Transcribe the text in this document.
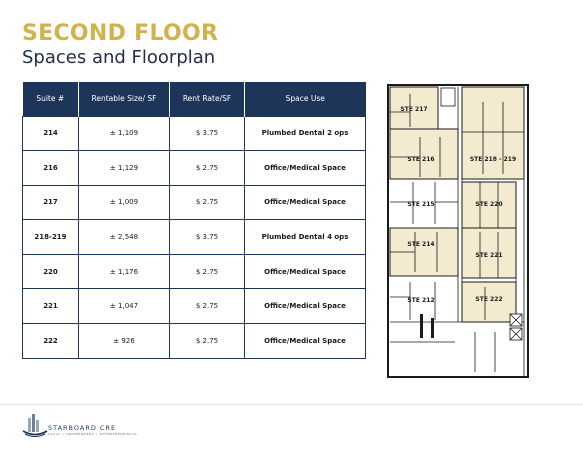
SECOND FLOOR
Spaces and Floorplan
Suite #	Rentable Size/ SF	Rent Rate/SF	Space Use
214	± 1,109	$ 3.75	Plumbed Dental 2 ops
216	± 1,129	$ 2.75	Office/Medical Space
217	± 1,009	$ 2.75	Office/Medical Space
218-219	± 2,548	$ 3.75	Plumbed Dental 4 ops
220	± 1,176	$ 2.75	Office/Medical Space
221	± 1,047	$ 2.75	Office/Medical Space
222	± 926	$ 2.75	Office/Medical Space
STE 217
STE 216	STE 218 - 219
STE 215	STE 220
STE 214
STE 221
STE 212	STE 222
STARBOARD CRE
LOCAL • INDEPENDENT • ENTREPRENEURIAL
